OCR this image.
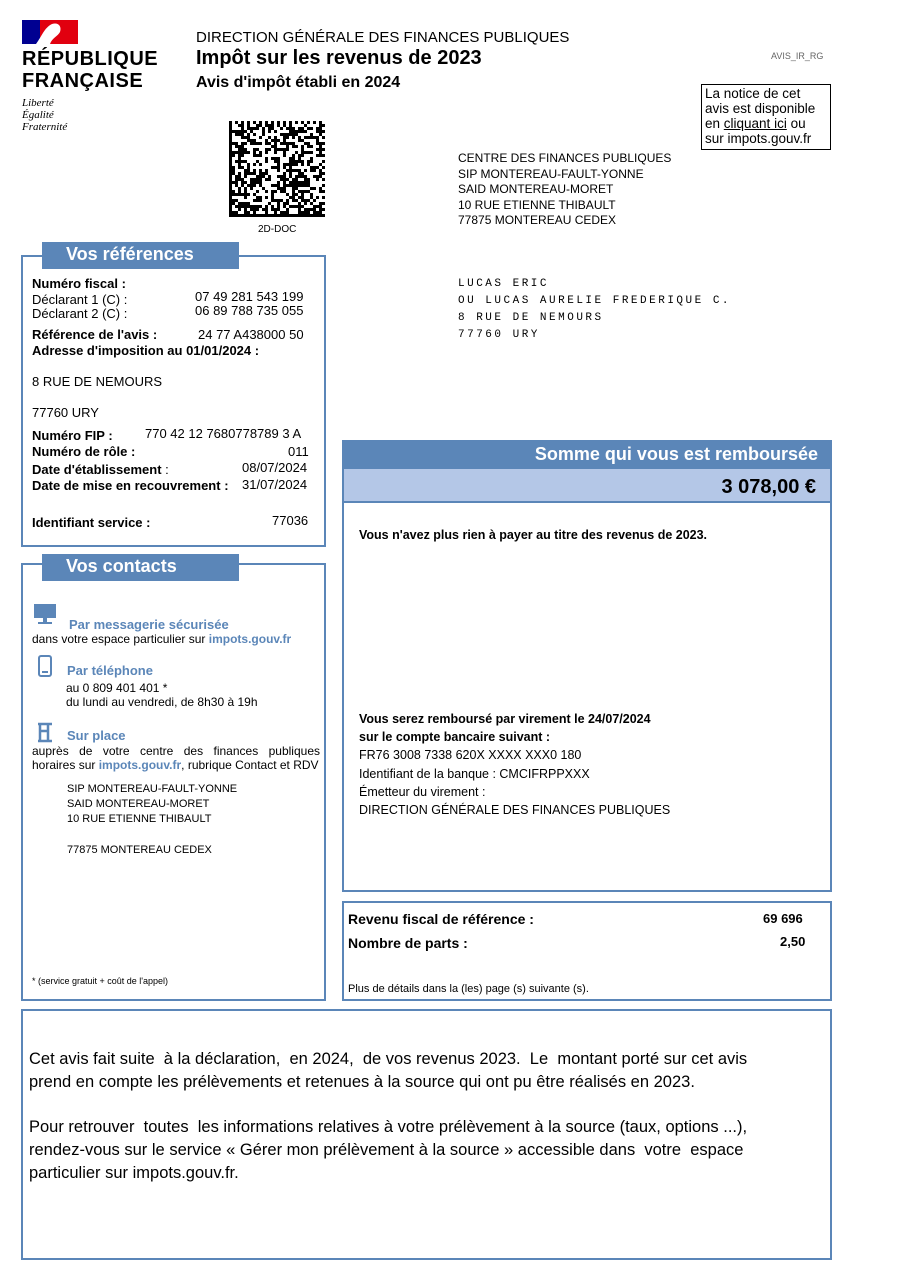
RÉPUBLIQUE
FRANÇAISE
Liberté
Égalité
Fraternité
DIRECTION GÉNÉRALE DES FINANCES PUBLIQUES
Impôt sur les revenus de 2023
Avis d'impôt établi en 2024
AVIS_IR_RG
La notice de cet
avis est disponible
en cliquant ici ou
sur impots.gouv.fr
2D-DOC
CENTRE DES FINANCES PUBLIQUES
SIP MONTEREAU-FAULT-YONNE
SAID MONTEREAU-MORET
10 RUE ETIENNE THIBAULT
77875 MONTEREAU CEDEX
LUCAS ERIC
OU LUCAS AURELIE FREDERIQUE C.
8 RUE DE NEMOURS
77760 URY
Vos références
Numéro fiscal :
Déclarant 1 (C) :	07 49 281 543 199
Déclarant 2 (C) :	06 89 788 735 055
Référence de l'avis :	24 77 A438000 50
Adresse d'imposition au 01/01/2024 :
8 RUE DE NEMOURS
77760 URY
Numéro FIP : 770 42 12 7680778789 3 A
Numéro de rôle :	011
Date d'établissement :	08/07/2024
Date de mise en recouvrement : 31/07/2024
Identifiant service :	77036
Vos contacts
Par messagerie sécurisée
dans votre espace particulier sur impots.gouv.fr
Par téléphone
au 0 809 401 401 *
du lundi au vendredi, de 8h30 à 19h
Sur place
auprès de votre centre des finances publiques
horaires sur impots.gouv.fr, rubrique Contact et RDV
SIP MONTEREAU-FAULT-YONNE
SAID MONTEREAU-MORET
10 RUE ETIENNE THIBAULT
77875 MONTEREAU CEDEX
* (service gratuit + coût de l'appel)
Somme qui vous est remboursée
3 078,00 €
Vous n'avez plus rien à payer au titre des revenus de 2023.
Vous serez remboursé par virement le 24/07/2024
sur le compte bancaire suivant :
FR76 3008 7338 620X XXXX XXX0 180
Identifiant de la banque : CMCIFRPPXXX
Émetteur du virement :
DIRECTION GÉNÉRALE DES FINANCES PUBLIQUES
Revenu fiscal de référence :	69 696
Nombre de parts :	2,50
Plus de détails dans la (les) page (s) suivante (s).
Cet avis fait suite  à la déclaration,  en 2024,  de vos revenus 2023.  Le  montant porté sur cet avis
prend en compte les prélèvements et retenues à la source qui ont pu être réalisés en 2023.
Pour retrouver  toutes  les informations relatives à votre prélèvement à la source (taux, options ...),
rendez-vous sur le service « Gérer mon prélèvement à la source » accessible dans  votre  espace
particulier sur impots.gouv.fr.
